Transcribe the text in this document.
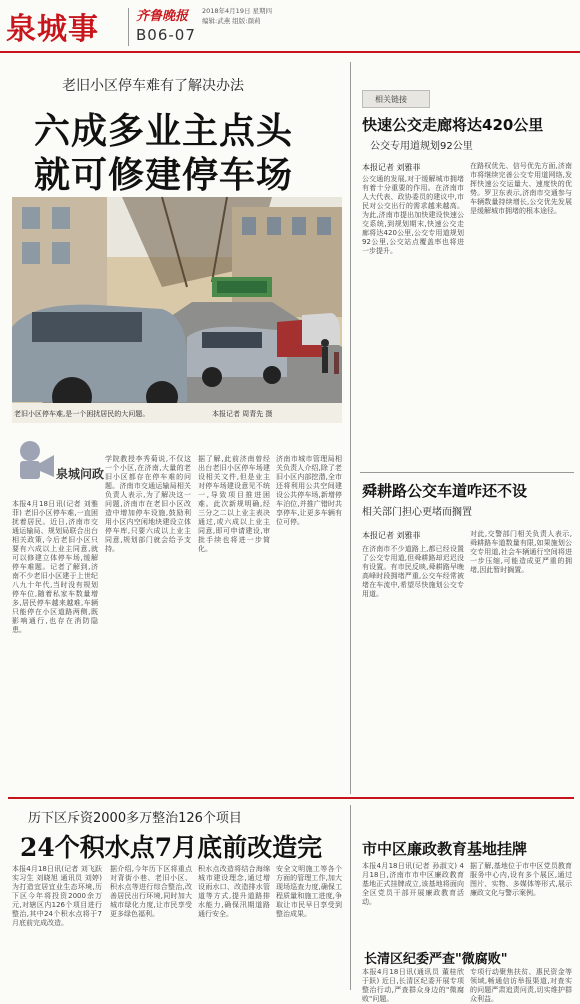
泉城事	齐鲁晚报 2018年4月19日 星期四
编辑:武燕 组版:颜莉
B06-07
老旧小区停车难有了解决办法
六成多业主点头
就可修建停车场
老旧小区停车难,是一个困扰居民的大问题。	本报记者 周青先 摄
泉城问政
本报4月18日讯(记者 刘雅菲) 老旧小区停车难,一直困扰着居民。近日,济南市交通运输局、规划局联合出台相关政策,今后老旧小区只要有六成以上业主同意,就可以修建立体停车场,缓解停车难题。记者了解到,济南不少老旧小区建于上世纪八九十年代,当时没有规划停车位,随着私家车数量增多,居民停车越来越难,车辆只能停在小区道路两侧,既影响通行,也存在消防隐患。
学院教授李秀菊说,不仅这一个小区,在济南,大量的老旧小区都存在停车难的问题。济南市交通运输局相关负责人表示,为了解决这一问题,济南市在老旧小区改造中增加停车设施,鼓励利用小区内空闲地块建设立体停车库,只要六成以上业主同意,规划部门就会给予支持。
据了解,此前济南曾经出台老旧小区停车场建设相关文件,但是业主对停车场建设意见不统一,导致项目推进困难。此次新规明确,经三分之二以上业主表决通过,或六成以上业主同意,即可申请建设,审批手续也将进一步简化。
济南市城市管理局相关负责人介绍,除了老旧小区内部挖潜,全市还将利用公共空间建设公共停车场,新增停车泊位,并推广错时共享停车,让更多车辆有位可停。
相关链接
快速公交走廊将达420公里
公交专用道规划92公里
本报记者 刘雅菲
公交通的发展,对于缓解城市拥堵有着十分重要的作用。在济南市人大代表、政协委员的建议中,市民对公交出行的需求越来越高。为此,济南市提出加快建设快速公交系统,到规划期末,快速公交走廊将达420公里,公交专用道规划92公里,公交站点覆盖率也将进一步提升。
在路权优先、信号优先方面,济南市将继续完善公交专用道网络,发挥快速公交运量大、速度快的优势。罗卫东表示,济南市交通参与车辆数量持续增长,公交优先发展是缓解城市拥堵的根本途径。
舜耕路公交车道咋还不设
相关部门担心更堵而搁置
本报记者 刘雅菲
在济南市不少道路上,都已经设置了公交专用道,但舜耕路却迟迟没有设置。有市民反映,舜耕路早晚高峰时段拥堵严重,公交车经常被堵在车流中,希望尽快施划公交专用道。
对此,交警部门相关负责人表示,舜耕路车道数量有限,如果施划公交专用道,社会车辆通行空间将进一步压缩,可能造成更严重的拥堵,因此暂时搁置。
历下区斥资2000多万整治126个项目
24个积水点7月底前改造完
本报4月18日讯(记者 刘飞跃 实习生 刘晓旭 通讯员 刘婷) 为打造宜居宜业生态环境,历下区今年将投资2000余万元,对辖区内126个项目进行整治,其中24个积水点将于7月底前完成改造。
据介绍,今年历下区将重点对背街小巷、老旧小区、积水点等进行综合整治,改善居民出行环境,同时加大城市绿化力度,让市民享受更多绿色福利。
积水点改造将结合海绵城市建设理念,通过增设雨水口、改造排水管道等方式,提升道路排水能力,确保汛期道路通行安全。
安全文明施工等各个方面的管理工作,加大现场巡查力度,确保工程质量和施工进度,争取让市民早日享受到整治成果。
市中区廉政教育基地挂牌
本报4月18日讯(记者 孙淑文) 4月18日,济南市市中区廉政教育基地正式挂牌成立,该基地将面向全区党员干部开展廉政教育活动。
据了解,基地位于市中区党员教育服务中心内,设有多个展区,通过图片、实物、多媒体等形式,展示廉政文化与警示案例。
长清区纪委严查"微腐败"
本报4月18日讯(通讯员 董桂欣 于跃) 近日,长清区纪委开展专项整治行动,严查群众身边的"微腐败"问题。
专项行动聚焦扶贫、惠民资金等领域,畅通信访举报渠道,对查实的问题严肃追责问责,切实维护群众利益。
